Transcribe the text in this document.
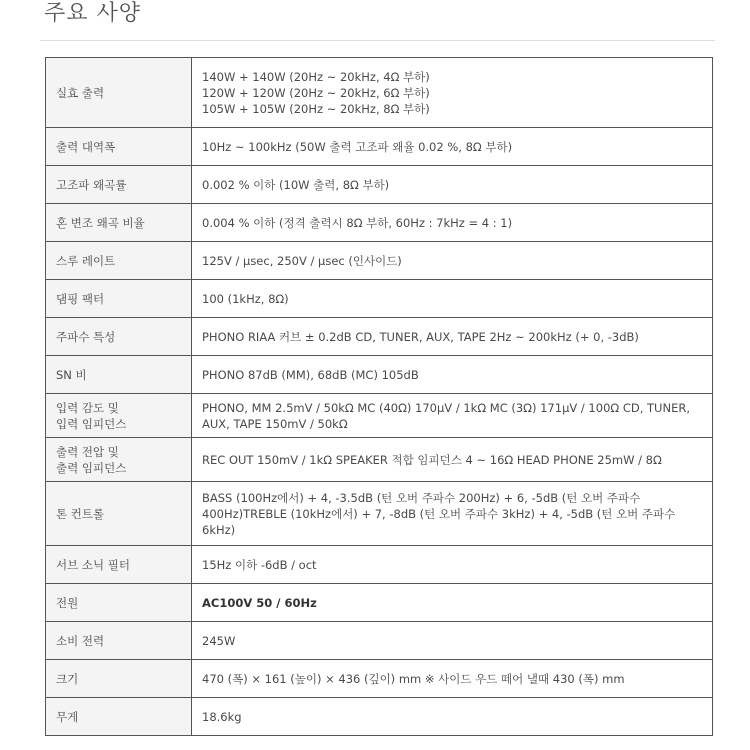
주요 사양
실효 출력	140W + 140W (20Hz ~ 20kHz, 4Ω 부하)
120W + 120W (20Hz ~ 20kHz, 6Ω 부하)
105W + 105W (20Hz ~ 20kHz, 8Ω 부하)

출력 대역폭	10Hz ~ 100kHz (50W 출력 고조파 왜율 0.02 %, 8Ω 부하)

고조파 왜곡률	0.002 % 이하 (10W 출력, 8Ω 부하)

혼 변조 왜곡 비율	0.004 % 이하 (정격 출력시 8Ω 부하, 60Hz : 7kHz = 4 : 1)

스루 레이트	125V / μsec, 250V / μsec (인사이드)

댐핑 팩터	100 (1kHz, 8Ω)

주파수 특성	PHONO RIAA 커브 ± 0.2dB CD, TUNER, AUX, TAPE 2Hz ~ 200kHz (+ 0, -3dB)

SN 비	PHONO 87dB (MM), 68dB (MC) 105dB

입력 감도 및
입력 임피던스	PHONO, MM 2.5mV / 50kΩ MC (40Ω) 170μV / 1kΩ MC (3Ω) 171μV / 100Ω CD, TUNER,
AUX, TAPE 150mV / 50kΩ

출력 전압 및
출력 임피던스	REC OUT 150mV / 1kΩ SPEAKER 적합 임피던스 4 ~ 16Ω HEAD PHONE 25mW / 8Ω

톤 컨트롤	BASS (100Hz에서) + 4, -3.5dB (턴 오버 주파수 200Hz) + 6, -5dB (턴 오버 주파수
400Hz)TREBLE (10kHz에서) + 7, -8dB (턴 오버 주파수 3kHz) + 4, -5dB (턴 오버 주파수
6kHz)

서브 소닉 필터	15Hz 이하 -6dB / oct

전원	AC100V 50 / 60Hz

소비 전력	245W

크기	470 (폭) × 161 (높이) × 436 (깊이) mm ※ 사이드 우드 떼어 낼때 430 (폭) mm

무게	18.6kg
